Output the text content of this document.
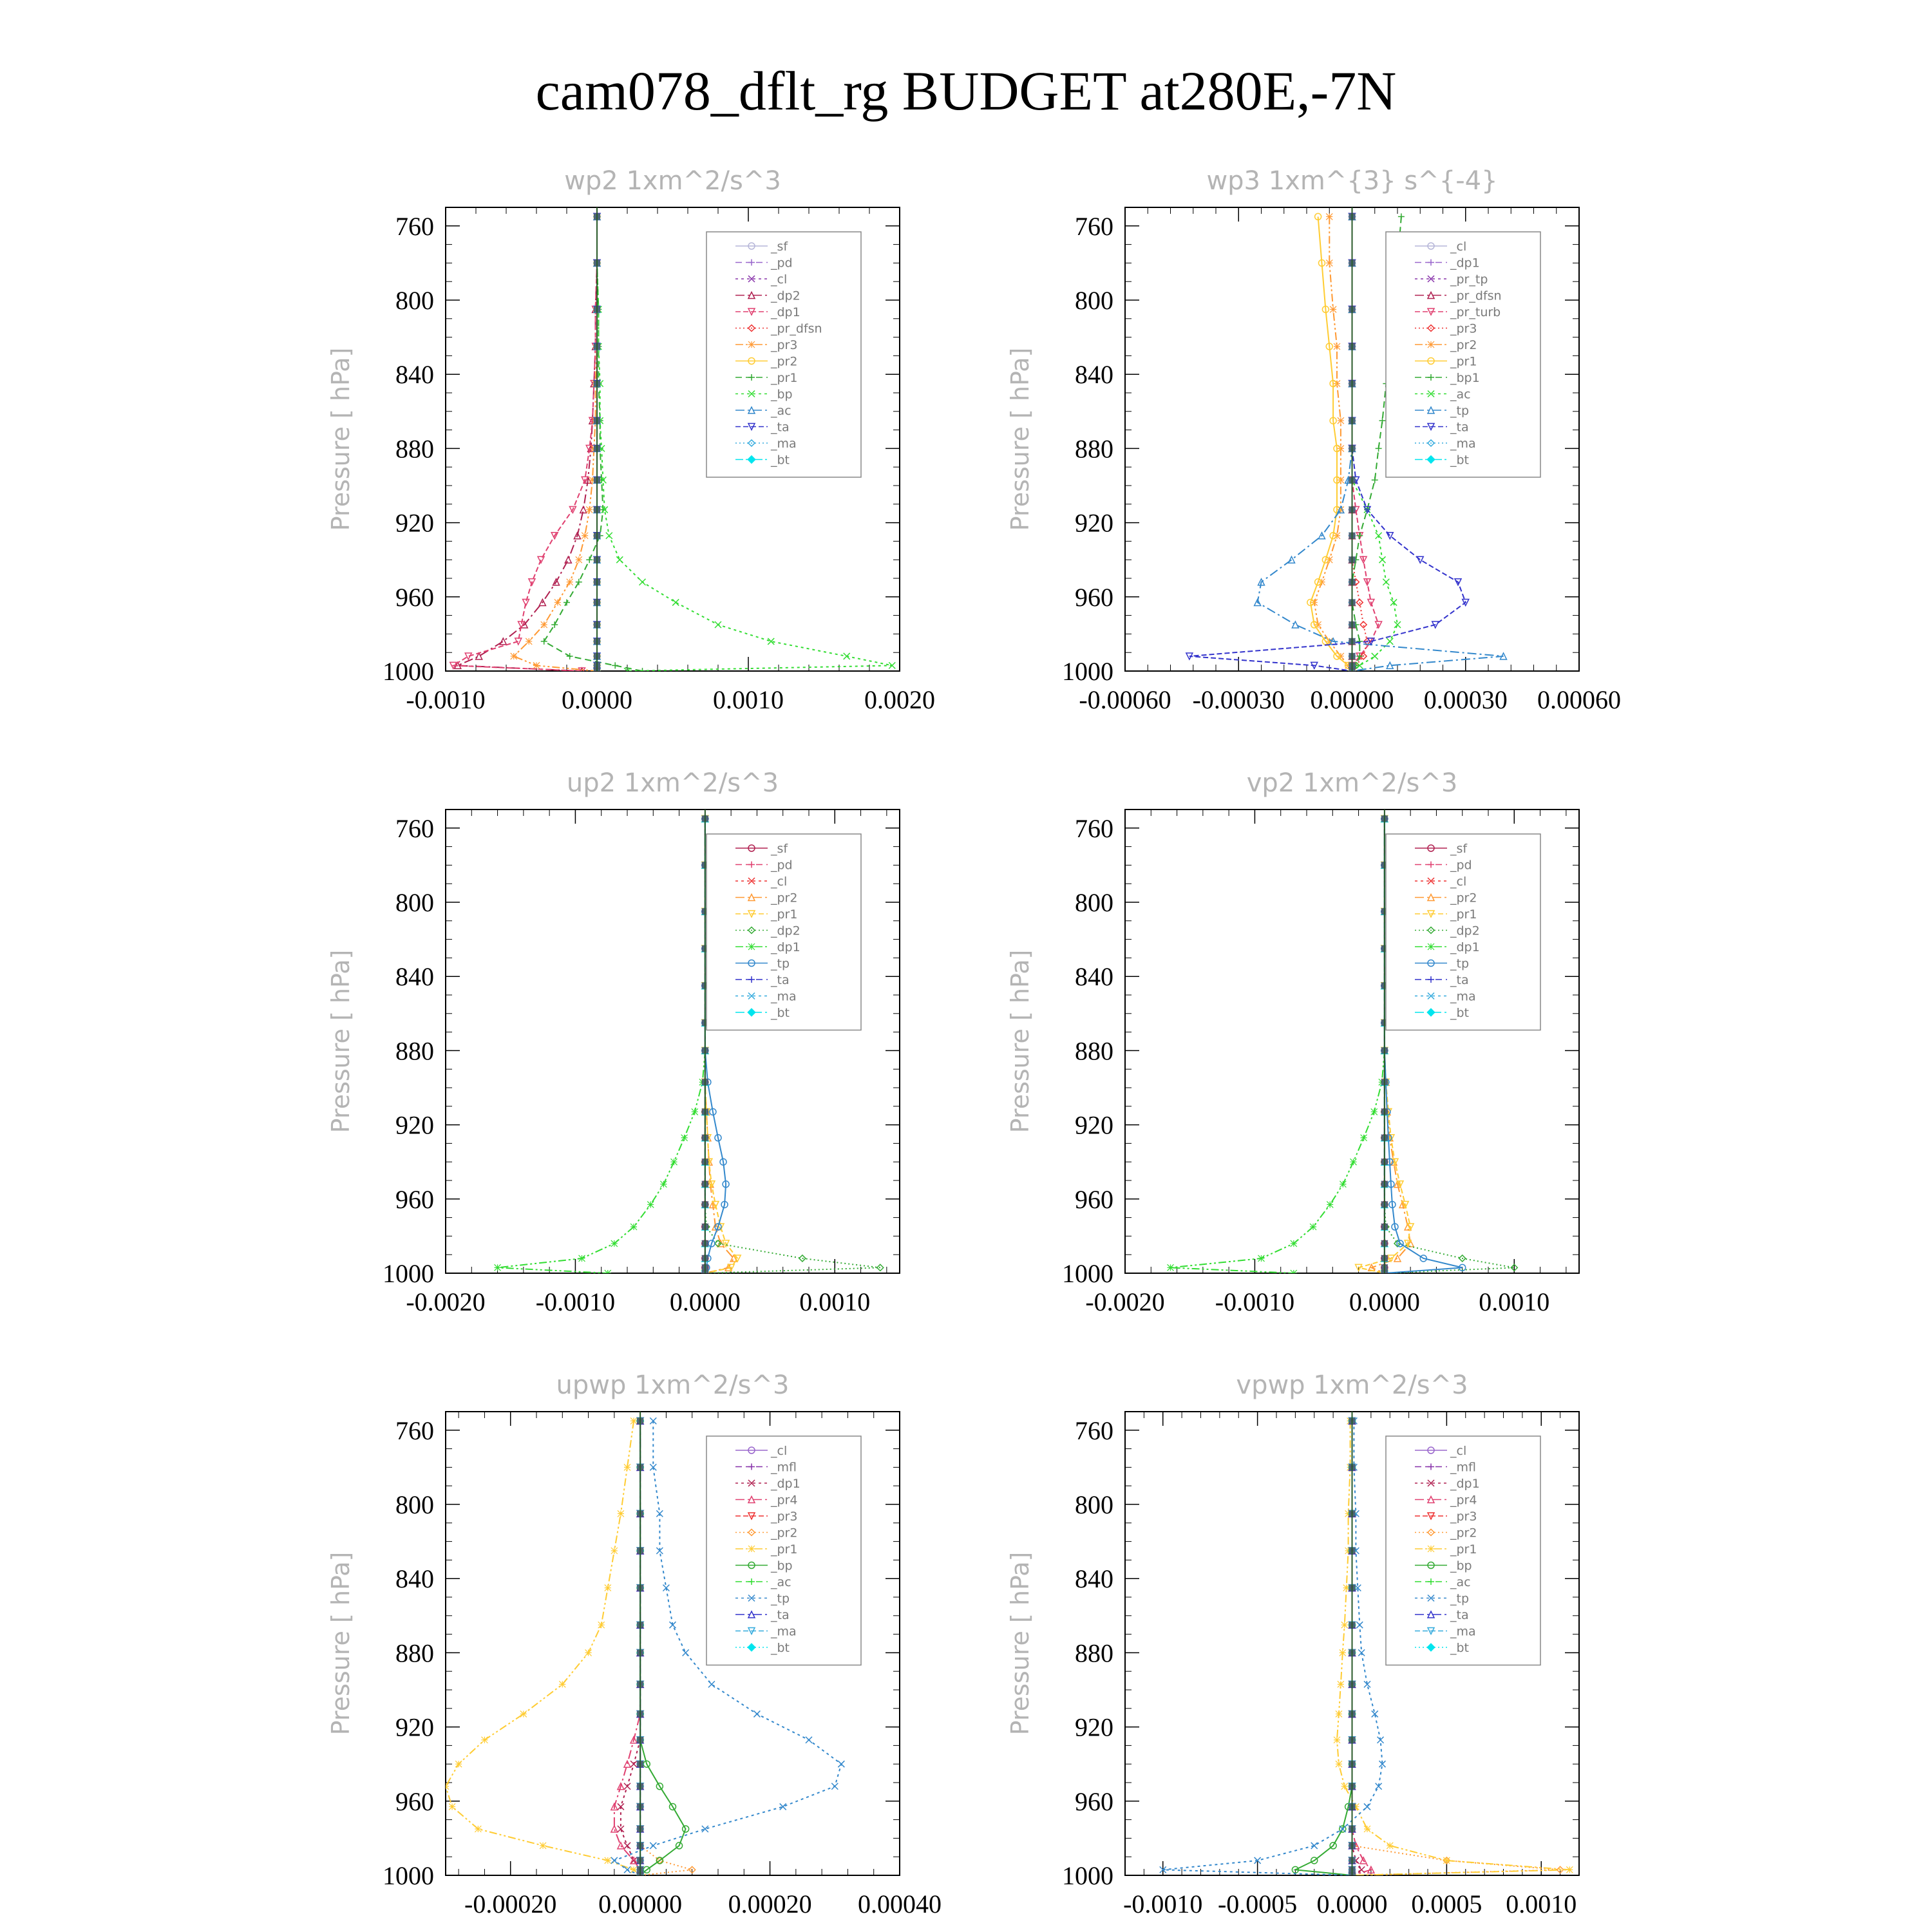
cam078_dflt_rg BUDGET at280E,-7N
wp2 1xm^2/s^3
Pressure [ hPa]
760
800
840
880
920
960
1000
-0.0010	0.0000	0.0010	0.0020
_sf
_pd
_cl
_dp2
_dp1
_pr_dfsn
_pr3
_pr2
_pr1
_bp
_ac
_ta
_ma
_bt
wp3 1xm^{3} s^{-4}
Pressure [ hPa]
760
800
840
880
920
960
1000
-0.00060 -0.00030 0.00000 0.00030 0.00060
_cl
_dp1
_pr_tp
_pr_dfsn
_pr_turb
_pr3
_pr2
_pr1
_bp1
_ac
_tp
_ta
_ma
_bt
up2 1xm^2/s^3
Pressure [ hPa]
760
800
840
880
920
960
1000
-0.0020 -0.0010 0.0000 0.0010
_sf
_pd
_cl
_pr2
_pr1
_dp2
_dp1
_tp
_ta
_ma
_bt
vp2 1xm^2/s^3
Pressure [ hPa]
760
800
840
880
920
960
1000
-0.0020 -0.0010 0.0000 0.0010
_sf
_pd
_cl
_pr2
_pr1
_dp2
_dp1
_tp
_ta
_ma
_bt
upwp 1xm^2/s^3
Pressure [ hPa]
760
800
840
880
920
960
1000
-0.00020 0.00000 0.00020 0.00040
_cl
_mfl
_dp1
_pr4
_pr3
_pr2
_pr1
_bp
_ac
_tp
_ta
_ma
_bt
vpwp 1xm^2/s^3
Pressure [ hPa]
760
800
840
880
920
960
1000
-0.0010 -0.0005 0.0000 0.0005 0.0010
_cl
_mfl
_dp1
_pr4
_pr3
_pr2
_pr1
_bp
_ac
_tp
_ta
_ma
_bt
